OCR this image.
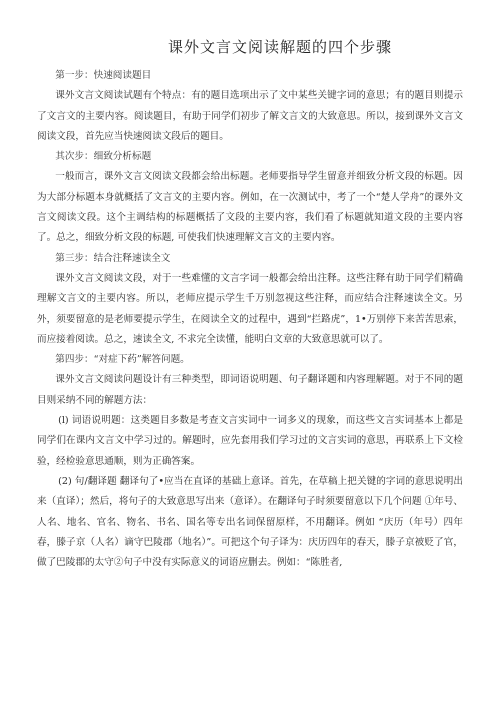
课外文言文阅读解题的四个步骤

第一步：快速阅读题目

课外文言文阅读试题有个特点：有的题目选项出示了文中某些关键字词的意思；有的题目则提示了文言文的主要内容。阅读题目，有助于同学们初步了解文言文的大致意思。所以，接到课外文言文阅读文段，首先应当快速阅读文段后的题目。

其次步：细致分析标题

一般而言，课外文言文阅读文段都会给出标题。老师要指导学生留意并细致分析文段的标题。因为大部分标题本身就概括了文言文的主要内容。例如，在一次测试中，考了一个“楚人学舟”的课外文言文阅读文段。这个主调结构的标题概括了文段的主要内容，我们看了标题就知道文段的主要内容了。总之，细致分析文段的标题, 可使我们快速理解文言文的主要内容。

第三步：结合注释速读全文

课外文言文阅读文段，对于一些难懂的文言字词一般都会给出注释。这些注释有助于同学们精确理解文言文的主要内容。所以，老师应提示学生千万别忽视这些注释，而应结合注释速读全文。另外，须要留意的是老师要提示学生，在阅读全文的过程中，遇到“拦路虎”，1•万别停下来苦苦思索，而应接着阅读。总之，速读全文, 不求完全读懂，能明白文章的大致意思就可以了。

第四步：“对症下药”解答问题。

课外文言文阅读问题设计有三种类型，即词语说明题、句子翻译题和内容理解题。对于不同的题目则采纳不同的解题方法：

(l) 词语说明题：这类题目多数是考查文言实词中一词多义的现象，而这些文言实词基本上都是同学们在课内文言文中学习过的。解题时，应先套用我们学习过的文言实词的意思，再联系上下文检验，经检验意思通顺，则为正确答案。

(2) 句/翻译题 翻译句了•应当在直译的基础上意译。首先，在草稿上把关键的字词的意思说明出来（直译）；然后，将句子的大致意思写出来（意译）。在翻译句子时须要留意以下几个问题 ①年号、人名、地名、官名、物名、书名、国名等专出名词保留原样，不用翻译。例如 “庆历（年号）四年春，滕子京（人名）谪守巴陵郡（地名）”。可把这个句子译为：庆历四年的春天，滕子京被贬了官，做了巴陵郡的太守②句子中没有实际意义的词语应删去。例如：“陈胜者,
